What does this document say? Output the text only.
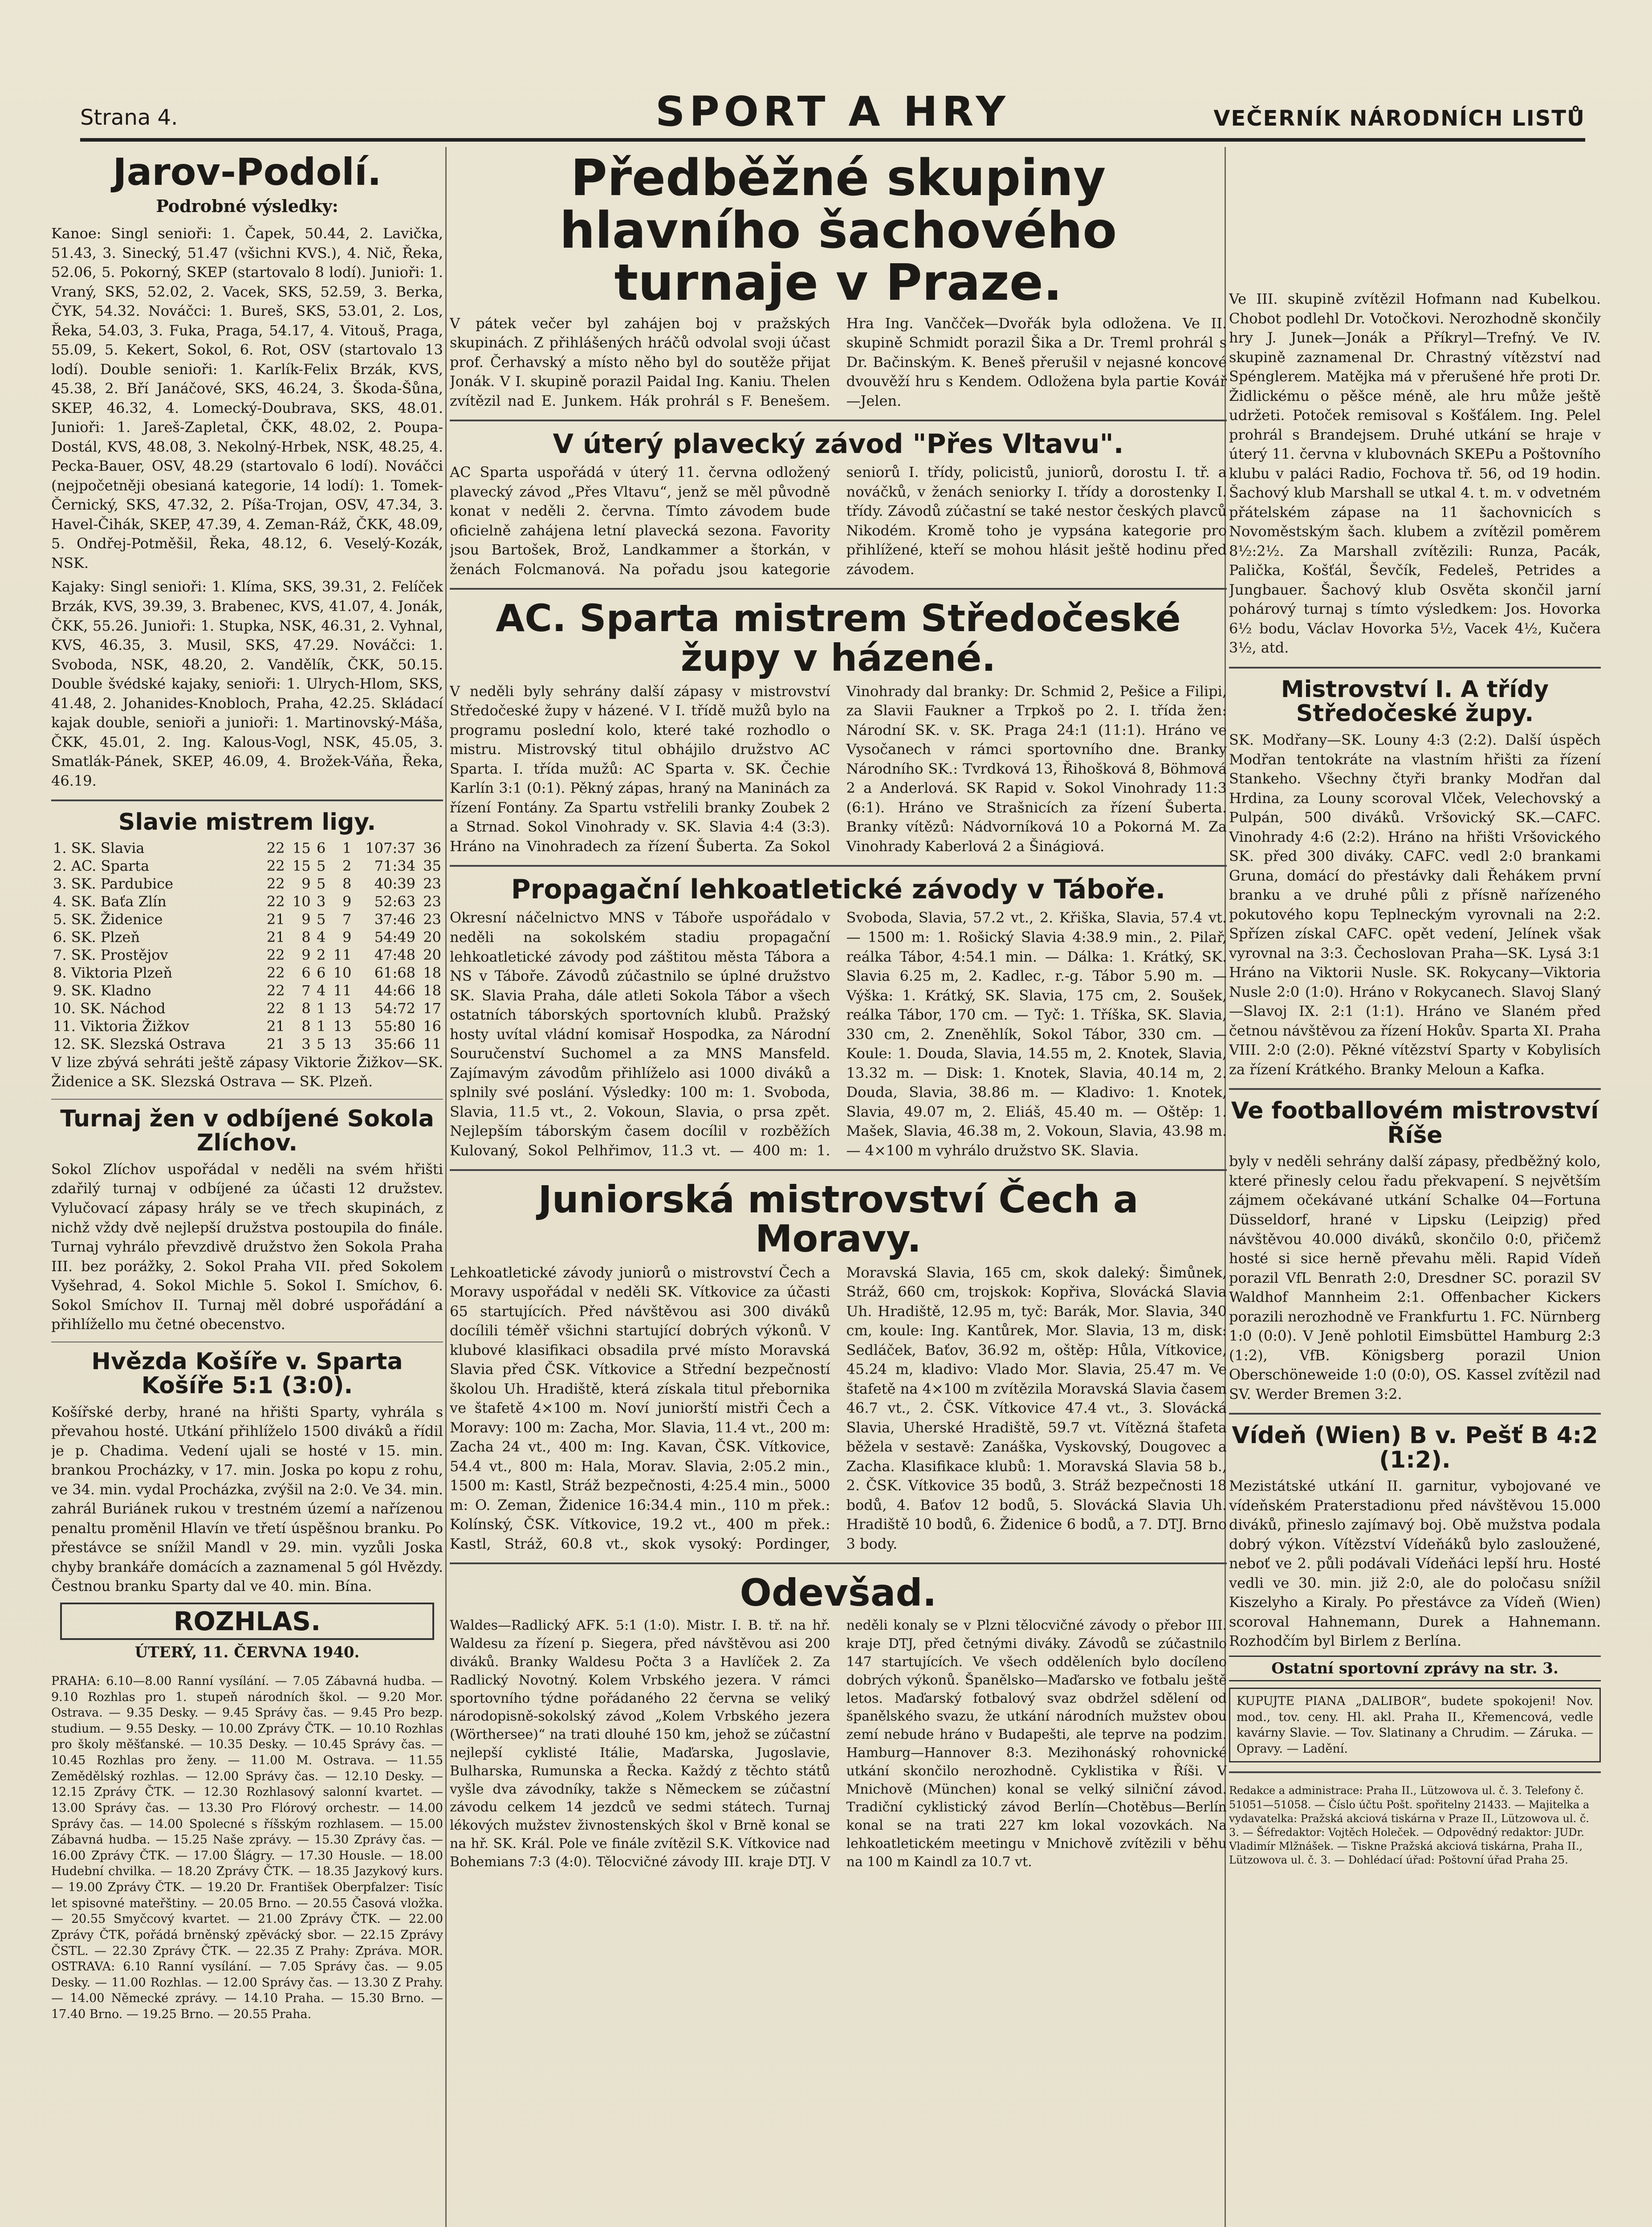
Strana 4.	SPORT A HRY	VEČERNÍK NÁRODNÍCH LISTŮ
Jarov-Podolí.
Podrobné výsledky:

Kanoe: Singl senioři: 1. Čapek, 50.44, 2. Lavička, 51.43, 3. Sinecký, 51.47 (všichni KVS.), 4. Nič, Řeka, 52.06, 5. Pokorný, SKEP (startovalo 8 lodí). Junioři: 1. Vraný, SKS, 52.02, 2. Vacek, SKS, 52.59, 3. Berka, ČYK, 54.32. Nováčci: 1. Bureš, SKS, 53.01, 2. Los, Řeka, 54.03, 3. Fuka, Praga, 54.17, 4. Vitouš, Praga, 55.09, 5. Kekert, Sokol, 6. Rot, OSV (startovalo 13 lodí). Double senioři: 1. Karlík-Felix Brzák, KVS, 45.38, 2. Bří Janáčové, SKS, 46.24, 3. Škoda-Šůna, SKEP, 46.32, 4. Lomecký-Doubrava, SKS, 48.01. Junioři: 1. Jareš-Zapletal, ČKK, 48.02, 2. Poupa-Dostál, KVS, 48.08, 3. Nekolný-Hrbek, NSK, 48.25, 4. Pecka-Bauer, OSV, 48.29 (startovalo 6 lodí). Nováčci (nejpočetněji obesianá kategorie, 14 lodí): 1. Tomek-Černický, SKS, 47.32, 2. Píša-Trojan, OSV, 47.34, 3. Havel-Čihák, SKEP, 47.39, 4. Zeman-Ráž, ČKK, 48.09, 5. Ondřej-Potměšil, Řeka, 48.12, 6. Veselý-Kozák, NSK.

Kajaky: Singl senioři: 1. Klíma, SKS, 39.31, 2. Felíček Brzák, KVS, 39.39, 3. Brabenec, KVS, 41.07, 4. Jonák, ČKK, 55.26. Junioři: 1. Stupka, NSK, 46.31, 2. Vyhnal, KVS, 46.35, 3. Musil, SKS, 47.29. Nováčci: 1. Svoboda, NSK, 48.20, 2. Vandělík, ČKK, 50.15. Double švédské kajaky, senioři: 1. Ulrych-Hlom, SKS, 41.48, 2. Johanides-Knobloch, Praha, 42.25. Skládací kajak double, senioři a junioři: 1. Martinovský-Máša, ČKK, 45.01, 2. Ing. Kalous-Vogl, NSK, 45.05, 3. Smatlák-Pánek, SKEP, 46.09, 4. Brožek-Váňa, Řeka, 46.19.

Slavie mistrem ligy.
1. SK. Slavia	22	15	6	1	107:37	36
2. AC. Sparta	22	15	5	2	71:34	35
3. SK. Pardubice	22	9	5	8	40:39	23
4. SK. Baťa Zlín	22	10	3	9	52:63	23
5. SK. Židenice	21	9	5	7	37:46	23
6. SK. Plzeň	21	8	4	9	54:49	20
7. SK. Prostějov	22	9	2	11	47:48	20
8. Viktoria Plzeň	22	6	6	10	61:68	18
9. SK. Kladno	22	7	4	11	44:66	18
10. SK. Náchod	22	8	1	13	54:72	17
11. Viktoria Žižkov	21	8	1	13	55:80	16
12. SK. Slezská Ostrava	21	3	5	13	35:66	11

V lize zbývá sehráti ještě zápasy Viktorie Žižkov—SK. Židenice a SK. Slezská Ostrava — SK. Plzeň.

Turnaj žen v odbíjené Sokola Zlíchov.

Sokol Zlíchov uspořádal v neděli na svém hřišti zdařilý turnaj v odbíjené za účasti 12 družstev. Vylučovací zápasy hrály se ve třech skupinách, z nichž vždy dvě nejlepší družstva postoupila do finále. Turnaj vyhrálo převzdivě družstvo žen Sokola Praha III. bez porážky, 2. Sokol Praha VII. před Sokolem Vyšehrad, 4. Sokol Michle 5. Sokol I. Smíchov, 6. Sokol Smíchov II. Turnaj měl dobré uspořádání a přihlížello mu četné obecenstvo.

Hvězda Košíře v. Sparta Košíře 5:1 (3:0).

Košířské derby, hrané na hřišti Sparty, vyhrála s převahou hosté. Utkání přihlíželo 1500 diváků a řídil je p. Chadima. Vedení ujali se hosté v 15. min. brankou Procházky, v 17. min. Joska po kopu z rohu, ve 34. min. vydal Procházka, zvýšil na 2:0. Ve 34. min. zahrál Buriánek rukou v trestném území a nařízenou penaltu proměnil Hlavín ve třetí úspěšnou branku. Po přestávce se snížil Mandl v 29. min. vyzůli Joska chyby brankáře domácích a zaznamenal 5 gól Hvězdy. Čestnou branku Sparty dal ve 40. min. Bína.

ROZHLAS.
ÚTERÝ, 11. ČERVNA 1940.

PRAHA: 6.10—8.00 Ranní vysílání. — 7.05 Zábavná hudba. — 9.10 Rozhlas pro 1. stupeň národních škol. — 9.20 Mor. Ostrava. — 9.35 Desky. — 9.45 Správy čas. — 9.45 Pro bezp. studium. — 9.55 Desky. — 10.00 Zprávy ČTK. — 10.10 Rozhlas pro školy měšťanské. — 10.35 Desky. — 10.45 Správy čas. — 10.45 Rozhlas pro ženy. — 11.00 M. Ostrava. — 11.55 Zemědělský rozhlas. — 12.00 Správy čas. — 12.10 Desky. — 12.15 Zprávy ČTK. — 12.30 Rozhlasový salonní kvartet. — 13.00 Správy čas. — 13.30 Pro Flórový orchestr. — 14.00 Správy čas. — 14.00 Spolecné s říšským rozhlasem. — 15.00 Zábavná hudba. — 15.25 Naše zprávy. — 15.30 Zprávy čas. — 16.00 Zprávy ČTK. — 17.00 Šlágry. — 17.30 Housle. — 18.00 Hudební chvilka. — 18.20 Zprávy ČTK. — 18.35 Jazykový kurs. — 19.00 Zprávy ČTK. — 19.20 Dr. František Oberpfalzer: Tisíc let spisovné mateřštiny. — 20.05 Brno. — 20.55 Časová vložka. — 20.55 Smyčcový kvartet. — 21.00 Zprávy ČTK. — 22.00 Zprávy ČTK, pořádá brněnský zpěvácký sbor. — 22.15 Zprávy ČSTL. — 22.30 Zprávy ČTK. — 22.35 Z Prahy: Zpráva. MOR. OSTRAVA: 6.10 Ranní vysílání. — 7.05 Správy čas. — 9.05 Desky. — 11.00 Rozhlas. — 12.00 Správy čas. — 13.30 Z Prahy. — 14.00 Německé zprávy. — 14.10 Praha. — 15.30 Brno. — 17.40 Brno. — 19.25 Brno. — 20.55 Praha.

Předběžné skupiny hlavního šachového turnaje v Praze.

V pátek večer byl zahájen boj v pražských skupinách. Z přihlášených hráčů odvolal svoji účast prof. Čerhavský a místo něho byl do soutěže přijat Jonák. V I. skupině porazil Paidal Ing. Kaniu. Thelen zvítězil nad E. Junkem. Hák prohrál s F. Benešem. Hra Ing. Vančček—Dvořák byla odložena. Ve II. skupině Schmidt porazil Šika a Dr. Treml prohrál s Dr. Bačinským. K. Beneš přerušil v nejasné koncové dvouvěží hru s Kendem. Odložena byla partie Kovář—Jelen.

V úterý plavecký závod "Přes Vltavu".

AC Sparta uspořádá v úterý 11. června odložený plavecký závod „Přes Vltavu“, jenž se měl původně konat v neděli 2. června. Tímto závodem bude oficielně zahájena letní plavecká sezona. Favority jsou Bartošek, Brož, Landkammer a štorkán, v ženách Folcmanová. Na pořadu jsou kategorie seniorů I. třídy, policistů, juniorů, dorostu I. tř. a nováčků, v ženách seniorky I. třídy a dorostenky I. třídy. Závodů zúčastní se také nestor českých plavců Nikodém. Kromě toho je vypsána kategorie pro přihlížené, kteří se mohou hlásit ještě hodinu před závodem.

AC. Sparta mistrem Středočeské župy v házené.

V neděli byly sehrány další zápasy v mistrovství Středočeské župy v házené. V I. třídě mužů bylo na programu poslední kolo, které také rozhodlo o mistru. Mistrovský titul obhájilo družstvo AC Sparta. I. třída mužů: AC Sparta v. SK. Čechie Karlín 3:1 (0:1). Pěkný zápas, hraný na Maninách za řízení Fontány. Za Spartu vstřelili branky Zoubek 2 a Strnad. Sokol Vinohrady v. SK. Slavia 4:4 (3:3). Hráno na Vinohradech za řízení Šuberta. Za Sokol Vinohrady dal branky: Dr. Schmid 2, Pešice a Filipi, za Slavii Faukner a Trpkoš po 2. I. třída žen: Národní SK. v. SK. Praga 24:1 (11:1). Hráno ve Vysočanech v rámci sportovního dne. Branky Národního SK.: Tvrdková 13, Řihošková 8, Böhmová 2 a Anderlová. SK Rapid v. Sokol Vinohrady 11:3 (6:1). Hráno ve Strašnicích za řízení Šuberta. Branky vítězů: Nádvorníková 10 a Pokorná M. Za Vinohrady Kaberlová 2 a Šinágiová.

Propagační lehkoatletické závody v Táboře.

Okresní náčelnictvo MNS v Táboře uspořádalo v neděli na sokolském stadiu propagační lehkoatletické závody pod záštitou města Tábora a NS v Táboře. Závodů zúčastnilo se úplné družstvo SK. Slavia Praha, dále atleti Sokola Tábor a všech ostatních táborských sportovních klubů. Pražský hosty uvítal vládní komisař Hospodka, za Národní Souručenství Suchomel a za MNS Mansfeld. Zajímavým závodům přihlíželo asi 1000 diváků a splnily své poslání. Výsledky: 100 m: 1. Svoboda, Slavia, 11.5 vt., 2. Vokoun, Slavia, o prsa zpět. Nejlepším táborským časem docílil v rozběžích Kulovaný, Sokol Pelhřimov, 11.3 vt. — 400 m: 1. Svoboda, Slavia, 57.2 vt., 2. Křiška, Slavia, 57.4 vt. — 1500 m: 1. Rošický Slavia 4:38.9 min., 2. Pilař, reálka Tábor, 4:54.1 min. — Dálka: 1. Krátký, SK. Slavia 6.25 m, 2. Kadlec, r.-g. Tábor 5.90 m. — Výška: 1. Krátký, SK. Slavia, 175 cm, 2. Soušek, reálka Tábor, 170 cm. — Tyč: 1. Tříška, SK. Slavia, 330 cm, 2. Zneněhlík, Sokol Tábor, 330 cm. — Koule: 1. Douda, Slavia, 14.55 m, 2. Knotek, Slavia, 13.32 m. — Disk: 1. Knotek, Slavia, 40.14 m, 2. Douda, Slavia, 38.86 m. — Kladivo: 1. Knotek, Slavia, 49.07 m, 2. Eliáš, 45.40 m. — Oštěp: 1. Mašek, Slavia, 46.38 m, 2. Vokoun, Slavia, 43.98 m. — 4×100 m vyhrálo družstvo SK. Slavia.

Juniorská mistrovství Čech a Moravy.

Lehkoatletické závody juniorů o mistrovství Čech a Moravy uspořádal v neděli SK. Vítkovice za účasti 65 startujících. Před návštěvou asi 300 diváků docílili téměř všichni startující dobrých výkonů. V klubové klasifikaci obsadila prvé místo Moravská Slavia před ČSK. Vítkovice a Střední bezpečností školou Uh. Hradiště, která získala titul přebornika ve štafetě 4×100 m. Noví juniorští mistři Čech a Moravy: 100 m: Zacha, Mor. Slavia, 11.4 vt., 200 m: Zacha 24 vt., 400 m: Ing. Kavan, ČSK. Vítkovice, 54.4 vt., 800 m: Hala, Morav. Slavia, 2:05.2 min., 1500 m: Kastl, Stráž bezpečnosti, 4:25.4 min., 5000 m: O. Zeman, Židenice 16:34.4 min., 110 m přek.: Kolínský, ČSK. Vítkovice, 19.2 vt., 400 m přek.: Kastl, Stráž, 60.8 vt., skok vysoký: Pordinger, Moravská Slavia, 165 cm, skok daleký: Šimůnek, Stráž, 660 cm, trojskok: Kopřiva, Slovácká Slavia Uh. Hradiště, 12.95 m, tyč: Barák, Mor. Slavia, 340 cm, koule: Ing. Kantůrek, Mor. Slavia, 13 m, disk: Sedláček, Baťov, 36.92 m, oštěp: Hůla, Vítkovice, 45.24 m, kladivo: Vlado Mor. Slavia, 25.47 m. Ve štafetě na 4×100 m zvítězila Moravská Slavia časem 46.7 vt., 2. ČSK. Vítkovice 47.4 vt., 3. Slovácká Slavia, Uherské Hradiště, 59.7 vt. Vítězná štafeta běžela v sestavě: Zanáška, Vyskovský, Dougovec a Zacha. Klasifikace klubů: 1. Moravská Slavia 58 b., 2. ČSK. Vítkovice 35 bodů, 3. Stráž bezpečnosti 18 bodů, 4. Baťov 12 bodů, 5. Slovácká Slavia Uh. Hradiště 10 bodů, 6. Židenice 6 bodů, a 7. DTJ. Brno 3 body.

Odevšad.

Waldes—Radlický AFK. 5:1 (1:0). Mistr. I. B. tř. na hř. Waldesu za řízení p. Siegera, před návštěvou asi 200 diváků. Branky Waldesu Počta 3 a Havlíček 2. Za Radlický Novotný. Kolem Vrbského jezera. V rámci sportovního týdne pořádaného 22 června se veliký národopisně-sokolský závod „Kolem Vrbského jezera (Wörthersee)“ na trati dlouhé 150 km, jehož se zúčastní nejlepší cyklisté Itálie, Maďarska, Jugoslavie, Bulharska, Rumunska a Řecka. Každý z těchto států vyšle dva závodníky, takže s Německem se zúčastní závodu celkem 14 jezdců ve sedmi státech. Turnaj lékových mužstev živnostenských škol v Brně konal se na hř. SK. Král. Pole ve finále zvítězil S.K. Vítkovice nad Bohemians 7:3 (4:0). Tělocvičné závody III. kraje DTJ. V neděli konaly se v Plzni tělocvičné závody o přebor III. kraje DTJ, před četnými diváky. Závodů se zúčastnilo 147 startujících. Ve všech odděleních bylo docíleno dobrých výkonů. Španělsko—Maďarsko ve fotbalu ještě letos. Maďarský fotbalový svaz obdržel sdělení od španělského svazu, že utkání národních mužstev obou zemí nebude hráno v Budapešti, ale teprve na podzim. Hamburg—Hannover 8:3. Mezihonáský rohovnické utkání skončilo nerozhodně. Cyklistika v Říši. V Mnichově (München) konal se velký silniční závod. Tradiční cyklistický závod Berlín—Chotěbus—Berlín konal se na trati 227 km lokal vozovkách. Na lehkoatletickém meetingu v Mnichově zvítězili v běhu na 100 m Kaindl za 10.7 vt.

Ve III. skupině zvítězil Hofmann nad Kubelkou. Chobot podlehl Dr. Votočkovi. Nerozhodně skončily hry J. Junek—Jonák a Příkryl—Trefný. Ve IV. skupině zaznamenal Dr. Chrastný vítězství nad Spénglerem. Matějka má v přerušené hře proti Dr. Židlickému o pěšce méně, ale hru může ještě udržeti. Potoček remisoval s Košťálem. Ing. Pelel prohrál s Brandejsem. Druhé utkání se hraje v úterý 11. června v klubovnách SKEPu a Poštovního klubu v paláci Radio, Fochova tř. 56, od 19 hodin. Šachový klub Marshall se utkal 4. t. m. v odvetném přátelském zápase na 11 šachovnicích s Novoměstským šach. klubem a zvítězil poměrem 8½:2½. Za Marshall zvítězili: Runza, Pacák, Palička, Košťál, Ševčík, Fedeleš, Petrides a Jungbauer. Šachový klub Osvěta skončil jarní pohárový turnaj s tímto výsledkem: Jos. Hovorka 6½ bodu, Václav Hovorka 5½, Vacek 4½, Kučera 3½, atd.

Mistrovství I. A třídy Středočeské župy.

SK. Modřany—SK. Louny 4:3 (2:2). Další úspěch Modřan tentokráte na vlastním hřišti za řízení Stankeho. Všechny čtyři branky Modřan dal Hrdina, za Louny scoroval Vlček, Velechovský a Pulpán, 500 diváků. Vršovický SK.—CAFC. Vinohrady 4:6 (2:2). Hráno na hřišti Vršovického SK. před 300 diváky. CAFC. vedl 2:0 brankami Gruna, domácí do přestávky dali Řehákem první branku a ve druhé půli z přísně nařízeného pokutového kopu Teplneckým vyrovnali na 2:2. Spřízen získal CAFC. opět vedení, Jelínek však vyrovnal na 3:3. Čechoslovan Praha—SK. Lysá 3:1 Hráno na Viktorii Nusle. SK. Rokycany—Viktoria Nusle 2:0 (1:0). Hráno v Rokycanech. Slavoj Slaný—Slavoj IX. 2:1 (1:1). Hráno ve Slaném před četnou návštěvou za řízení Hokův. Sparta XI. Praha VIII. 2:0 (2:0). Pěkné vítězství Sparty v Kobylisích za řízení Krátkého. Branky Meloun a Kafka.

Ve footballovém mistrovství Říše

byly v neděli sehrány další zápasy, předběžný kolo, které přinesly celou řadu překvapení. S největším zájmem očekávané utkání Schalke 04—Fortuna Düsseldorf, hrané v Lipsku (Leipzig) před návštěvou 40.000 diváků, skončilo 0:0, přičemž hosté si sice herně převahu měli. Rapid Vídeň porazil VfL Benrath 2:0, Dresdner SC. porazil SV Waldhof Mannheim 2:1. Offenbacher Kickers porazili nerozhodně ve Frankfurtu 1. FC. Nürnberg 1:0 (0:0). V Jeně pohlotil Eimsbüttel Hamburg 2:3 (1:2), VfB. Königsberg porazil Union Oberschöneweide 1:0 (0:0), OS. Kassel zvítězil nad SV. Werder Bremen 3:2.

Vídeň (Wien) B v. Pešť B 4:2 (1:2).

Mezistátské utkání II. garnitur, vybojované ve vídeňském Praterstadionu před návštěvou 15.000 diváků, přineslo zajímavý boj. Obě mužstva podala dobrý výkon. Vítězství Vídeňáků bylo zasloužené, neboť ve 2. půli podávali Vídeňáci lepší hru. Hosté vedli ve 30. min. již 2:0, ale do poločasu snížil Kiszelyho a Kiraly. Po přestávce za Vídeň (Wien) scoroval Hahnemann, Durek a Hahnemann. Rozhodčím byl Birlem z Berlína.

Ostatní sportovní zprávy na str. 3.

KUPUJTE PIANA „DALIBOR“, budete spokojeni! Nov. mod., tov. ceny. Hl. akl. Praha II., Křemencová, vedle kavárny Slavie. — Tov. Slatinany a Chrudim. — Záruka. — Opravy. — Ladění.

Redakce a administrace: Praha II., Lützowova ul. č. 3. Telefony č. 51051—51058. — Číslo účtu Pošt. spořitelny 21433. — Majitelka a vydavatelka: Pražská akciová tiskárna v Praze II., Lützowova ul. č. 3. — Šéfredaktor: Vojtěch Holeček. — Odpovědný redaktor: JUDr. Vladimír Mlžnášek. — Tiskne Pražská akciová tiskárna, Praha II., Lützowova ul. č. 3. — Dohlédací úřad: Poštovní úřad Praha 25.
